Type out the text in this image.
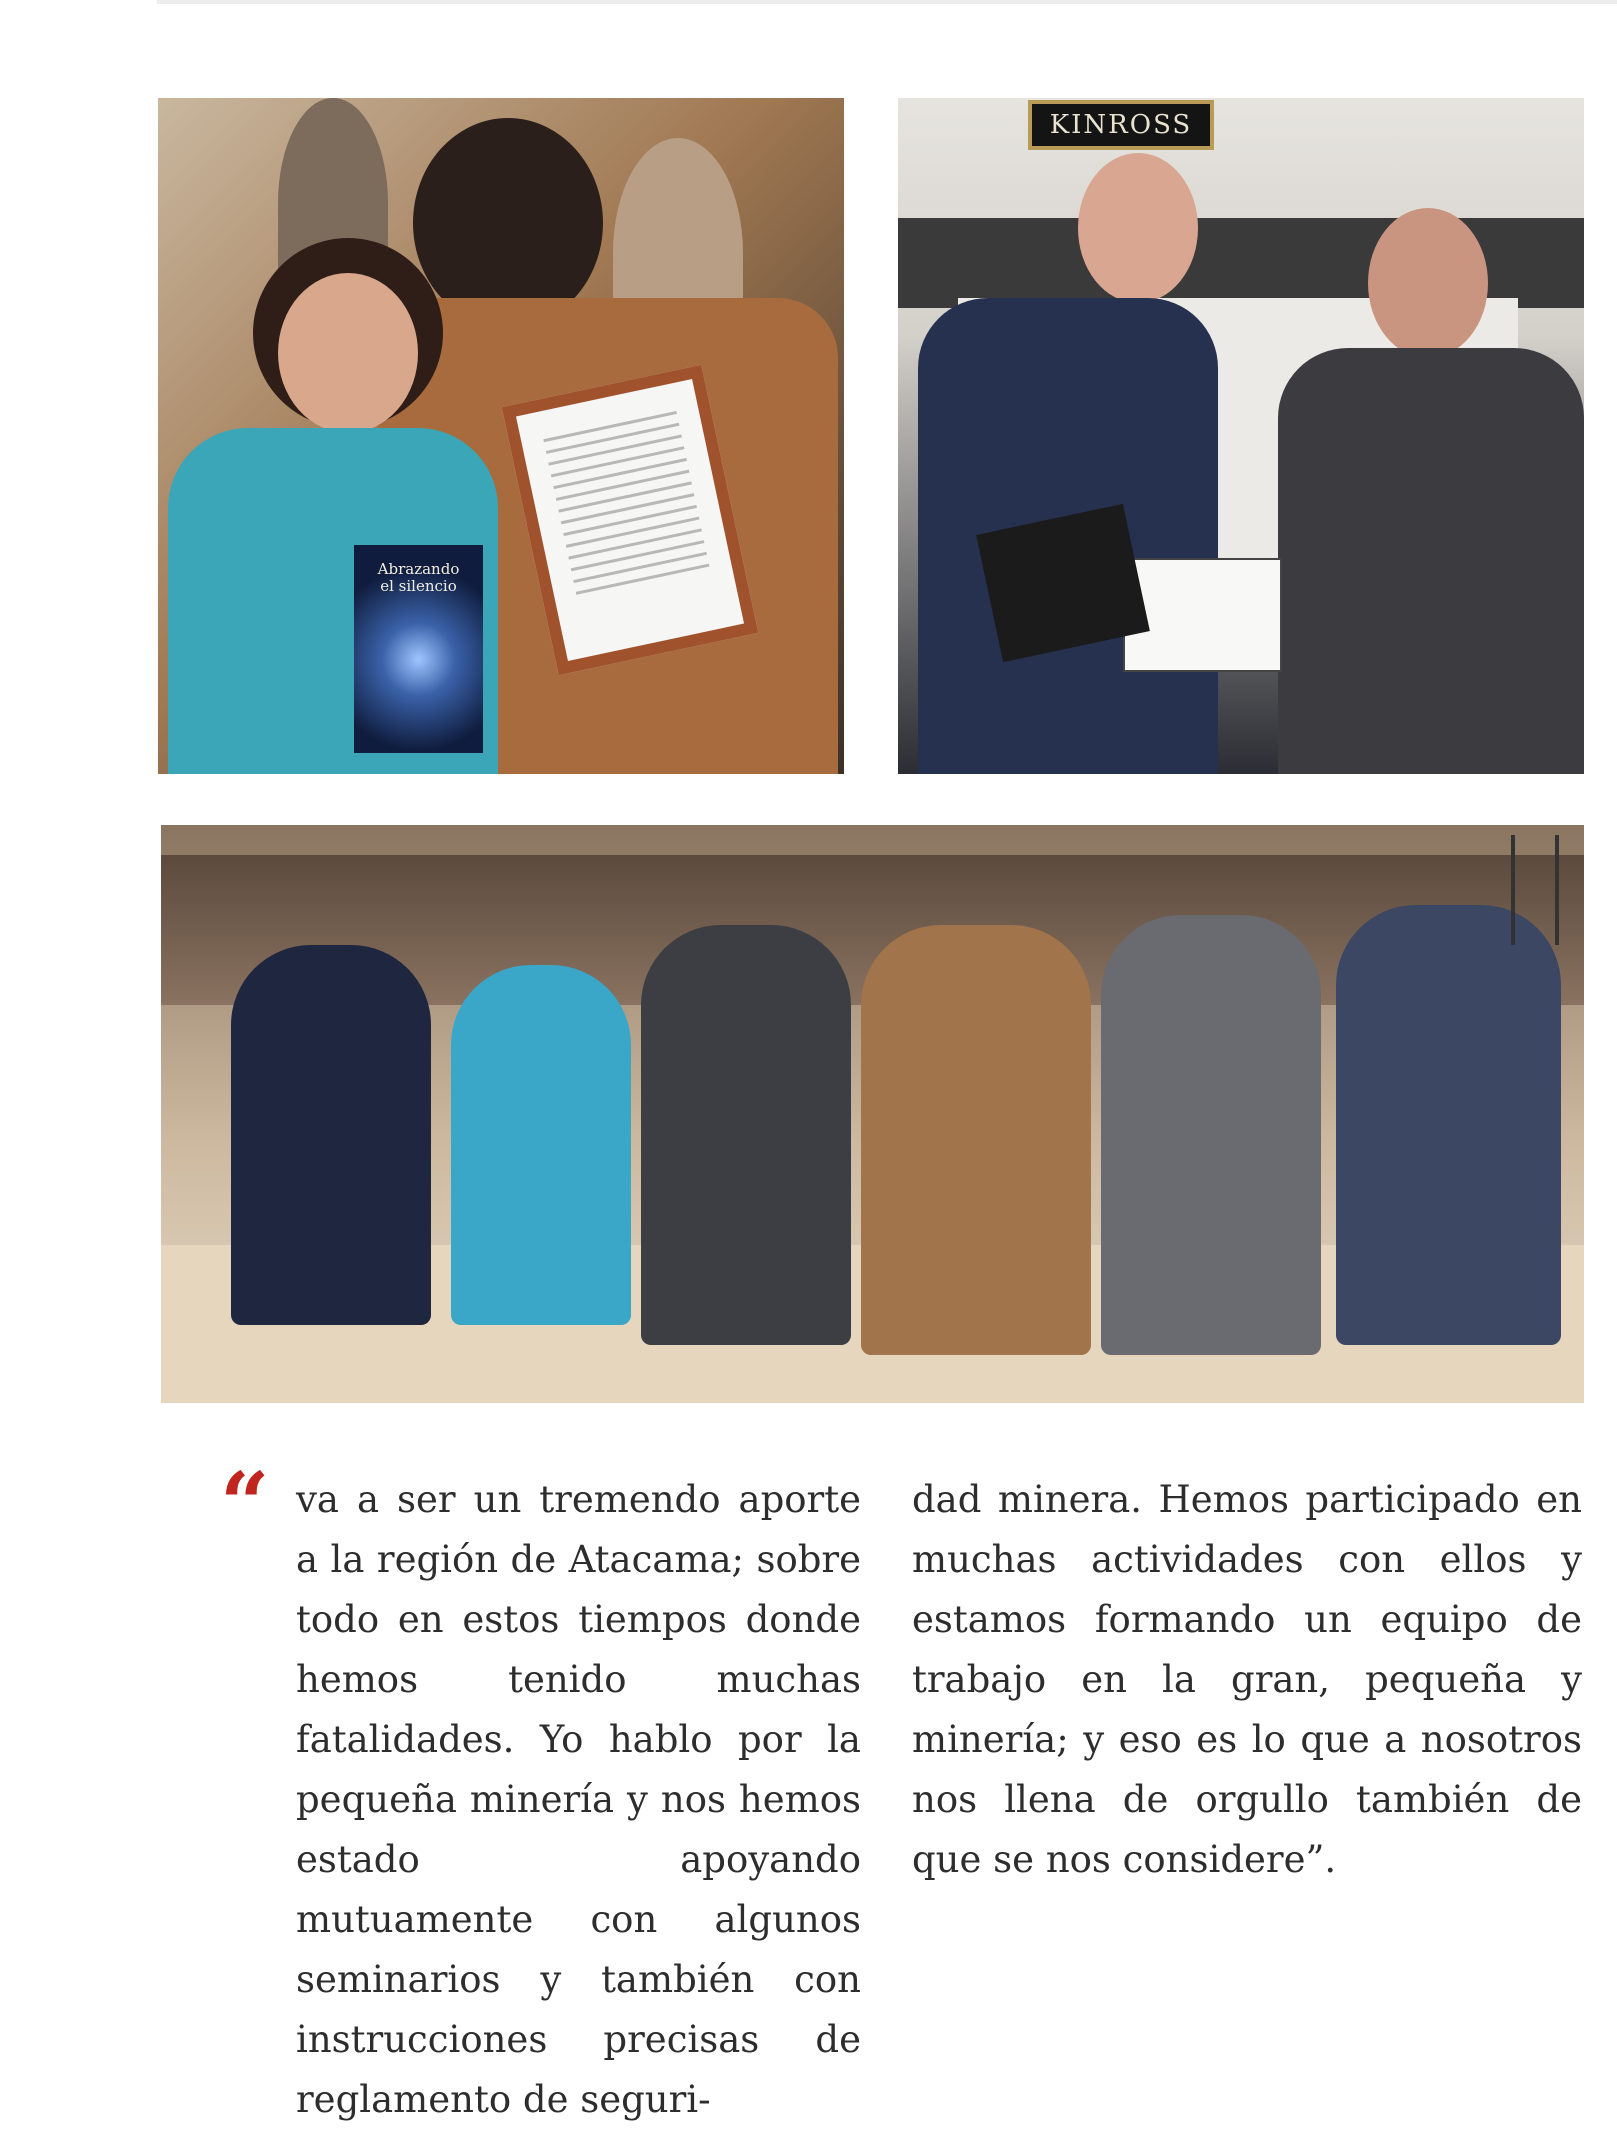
Abrazando
el silencio
KINROSS
“ va a ser un tremendo aporte a la región de Atacama; sobre todo en estos tiempos donde hemos tenido muchas fatalidades. Yo hablo por la pequeña minería y nos hemos estado apoyando mutuamente con algunos seminarios y también con instrucciones precisas de reglamento de seguri-
dad minera. Hemos participado en muchas actividades con ellos y estamos formando un equipo de trabajo en la gran, pequeña y minería; y eso es lo que a nosotros nos llena de orgullo también de que se nos considere”.
